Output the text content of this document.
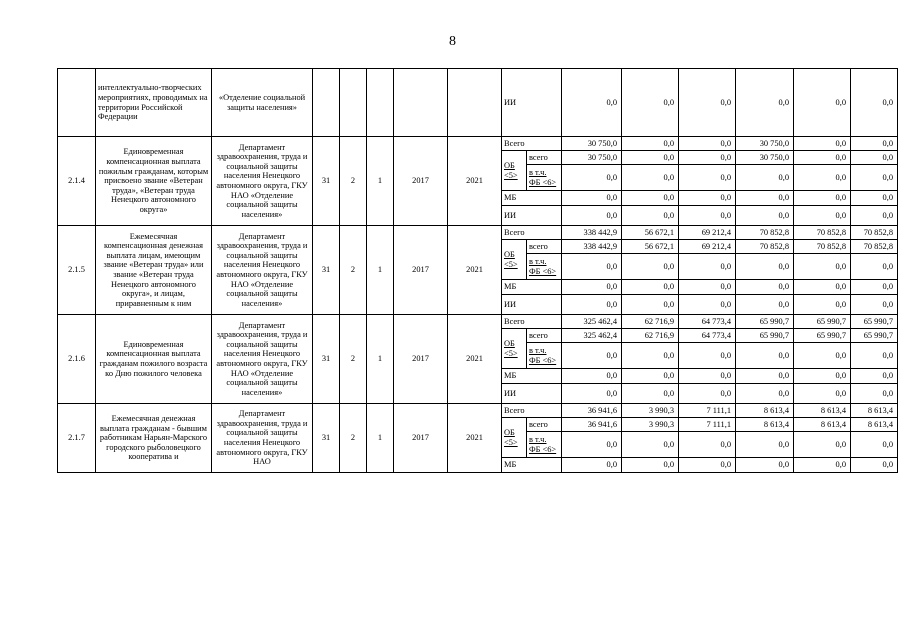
8
	интеллектуально-творческих мероприятиях, проводимых на территории Российской Федерации	«Отделение социальной защиты населения»						ИИ		0,0	0,0	0,0	0,0	0,0	0,0
2.1.4	Единовременная компенсационная выплата пожилым гражданам, которым присвоено звание «Ветеран труда», «Ветеран труда Ненецкого автономного округа»	Департамент здравоохранения, труда и социальной защиты населения Ненецкого автономного округа, ГКУ НАО «Отделение социальной защиты населения»	31	2	1	2017	2021	Всего		30 750,0	0,0	0,0	30 750,0	0,0	0,0
								ОБ <5>	всего	30 750,0	0,0	0,0	30 750,0	0,0	0,0
									в т.ч. ФБ <6>	0,0	0,0	0,0	0,0	0,0	0,0
								МБ		0,0	0,0	0,0	0,0	0,0	0,0
								ИИ		0,0	0,0	0,0	0,0	0,0	0,0
2.1.5	Ежемесячная компенсационная денежная выплата лицам, имеющим звание «Ветеран труда» или звание «Ветеран труда Ненецкого автономного округа», и лицам, приравненным к ним	Департамент здравоохранения, труда и социальной защиты населения Ненецкого автономного округа, ГКУ НАО «Отделение социальной защиты населения»	31	2	1	2017	2021	Всего		338 442,9	56 672,1	69 212,4	70 852,8	70 852,8	70 852,8
								ОБ <5>	всего	338 442,9	56 672,1	69 212,4	70 852,8	70 852,8	70 852,8
									в т.ч. ФБ <6>	0,0	0,0	0,0	0,0	0,0	0,0
								МБ		0,0	0,0	0,0	0,0	0,0	0,0
								ИИ		0,0	0,0	0,0	0,0	0,0	0,0
2.1.6	Единовременная компенсационная выплата гражданам пожилого возраста ко Дню пожилого человека	Департамент здравоохранения, труда и социальной защиты населения Ненецкого автономного округа, ГКУ НАО «Отделение социальной защиты населения»	31	2	1	2017	2021	Всего		325 462,4	62 716,9	64 773,4	65 990,7	65 990,7	65 990,7
								ОБ <5>	всего	325 462,4	62 716,9	64 773,4	65 990,7	65 990,7	65 990,7
									в т.ч. ФБ <6>	0,0	0,0	0,0	0,0	0,0	0,0
								МБ		0,0	0,0	0,0	0,0	0,0	0,0
								ИИ		0,0	0,0	0,0	0,0	0,0	0,0
2.1.7	Ежемесячная денежная выплата гражданам - бывшим работникам Нарьян-Марского городского рыболовецкого кооператива и	Департамент здравоохранения, труда и социальной защиты населения Ненецкого автономного округа, ГКУ НАО	31	2	1	2017	2021	Всего		36 941,6	3 990,3	7 111,1	8 613,4	8 613,4	8 613,4
								ОБ <5>	всего	36 941,6	3 990,3	7 111,1	8 613,4	8 613,4	8 613,4
									в т.ч. ФБ <6>	0,0	0,0	0,0	0,0	0,0	0,0
								МБ		0,0	0,0	0,0	0,0	0,0	0,0
